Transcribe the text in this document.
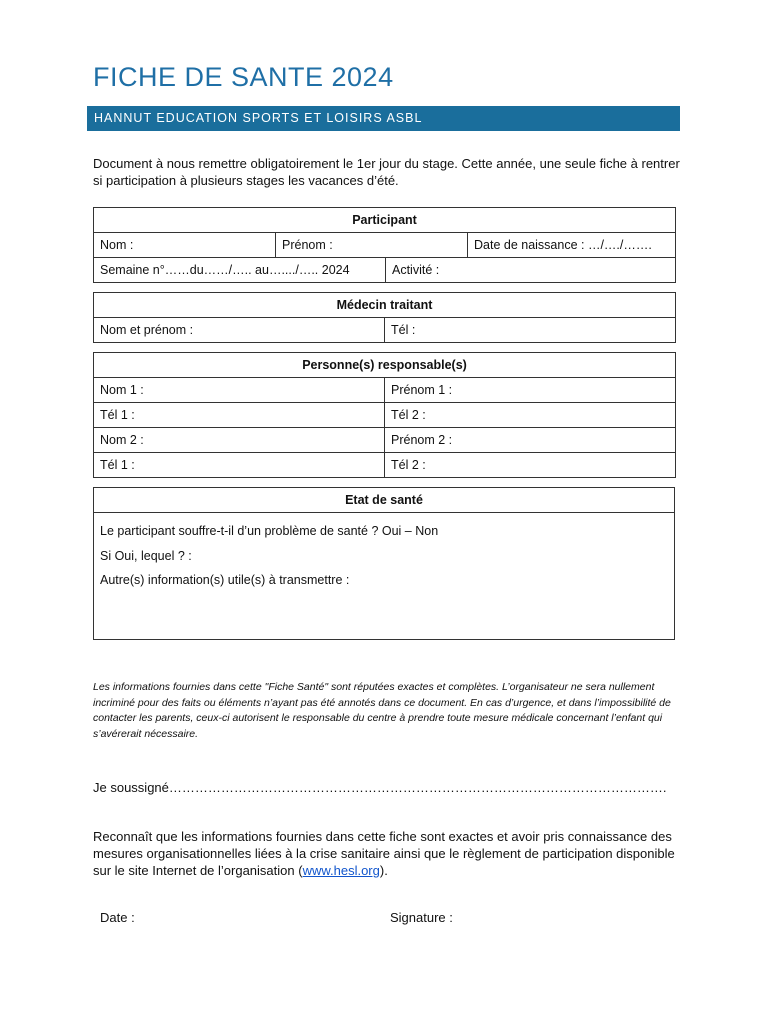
FICHE DE SANTE 2024
HANNUT EDUCATION SPORTS ET LOISIRS ASBL
Document à nous remettre obligatoirement le 1er jour du stage. Cette année, une seule fiche à rentrer si participation à plusieurs stages les vacances d’été.
Participant			
Nom :	Prénom :		Date de naissance : …/…./…….
Semaine n°……du……/….. au…..../….. 2024		Activité :	
Médecin traitant
Nom et prénom :	Tél :
Personne(s) responsable(s)	
Nom 1 :	Prénom 1 :
Tél 1 :	Tél 2 :
Nom 2 :	Prénom 2 :
Tél 1 :	Tél 2 :
Etat de santé

Le participant souffre-t-il d’un problème de santé ? Oui – Non
Si Oui, lequel ? :
Autre(s) information(s) utile(s) à transmettre :
Les informations fournies dans cette "Fiche Santé" sont réputées exactes et complètes. L’organisateur ne sera nullement incriminé pour des faits ou éléments n’ayant pas été annotés dans ce document. En cas d’urgence, et dans l’impossibilité de contacter les parents, ceux-ci autorisent le responsable du centre à prendre toute mesure médicale concernant l’enfant qui s’avérerait nécessaire.
Je soussigné…………………………………………………………………………………………………….
Reconnaît que les informations fournies dans cette fiche sont exactes et avoir pris connaissance des mesures organisationnelles liées à la crise sanitaire ainsi que le règlement de participation disponible sur le site Internet de l’organisation (www.hesl.org).
Date :	Signature :
